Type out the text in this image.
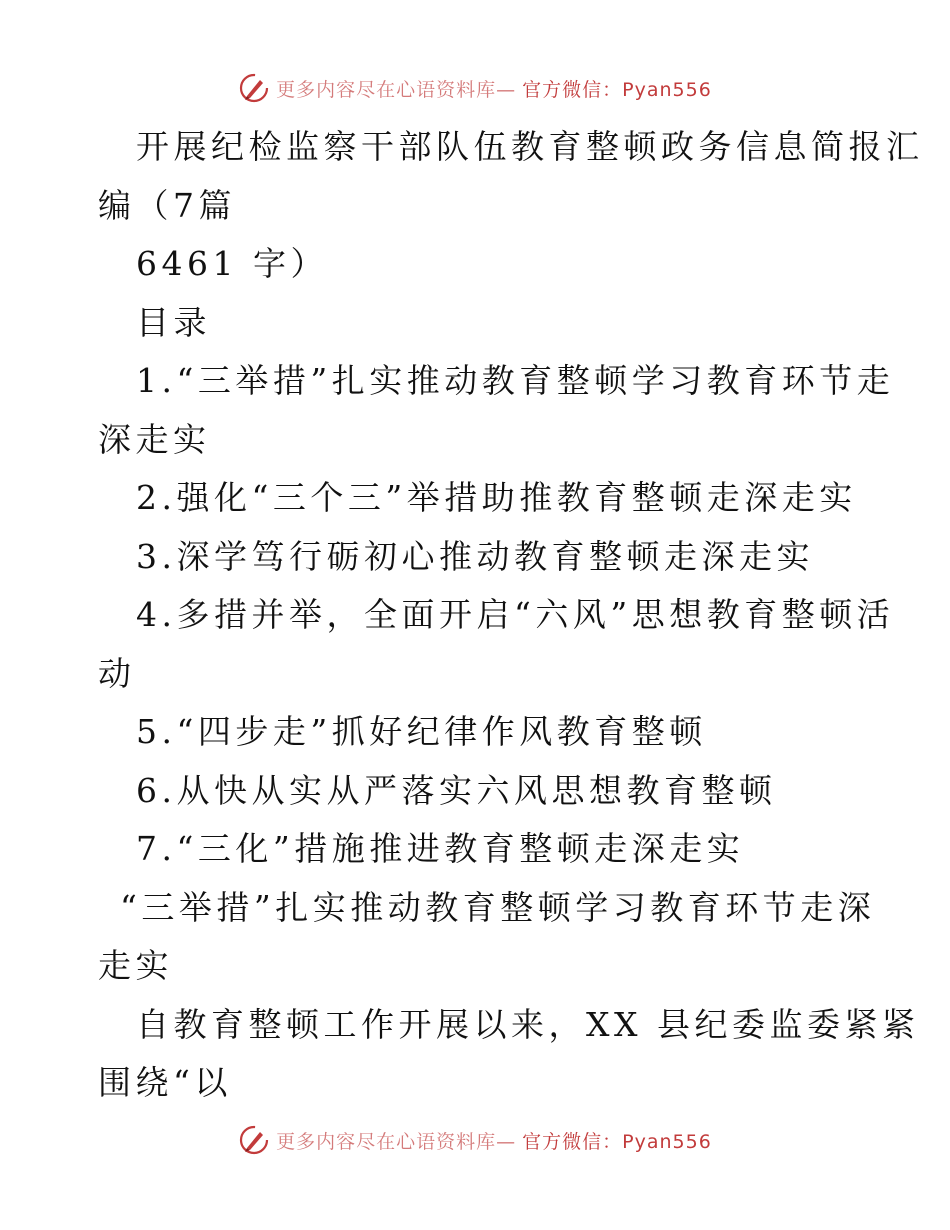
更多内容尽在心语资料库— 官方微信：Pyan556
开展纪检监察干部队伍教育整顿政务信息简报汇
编（7篇
6461 字）
目录
1.“三举措”扎实推动教育整顿学习教育环节走
深走实
2.强化“三个三”举措助推教育整顿走深走实
3.深学笃行砺初心推动教育整顿走深走实
4.多措并举，全面开启“六风”思想教育整顿活
动
5.“四步走”抓好纪律作风教育整顿
6.从快从实从严落实六风思想教育整顿
7.“三化”措施推进教育整顿走深走实
“三举措”扎实推动教育整顿学习教育环节走深
走实
自教育整顿工作开展以来，XX 县纪委监委紧紧
围绕“以
更多内容尽在心语资料库— 官方微信：Pyan556
